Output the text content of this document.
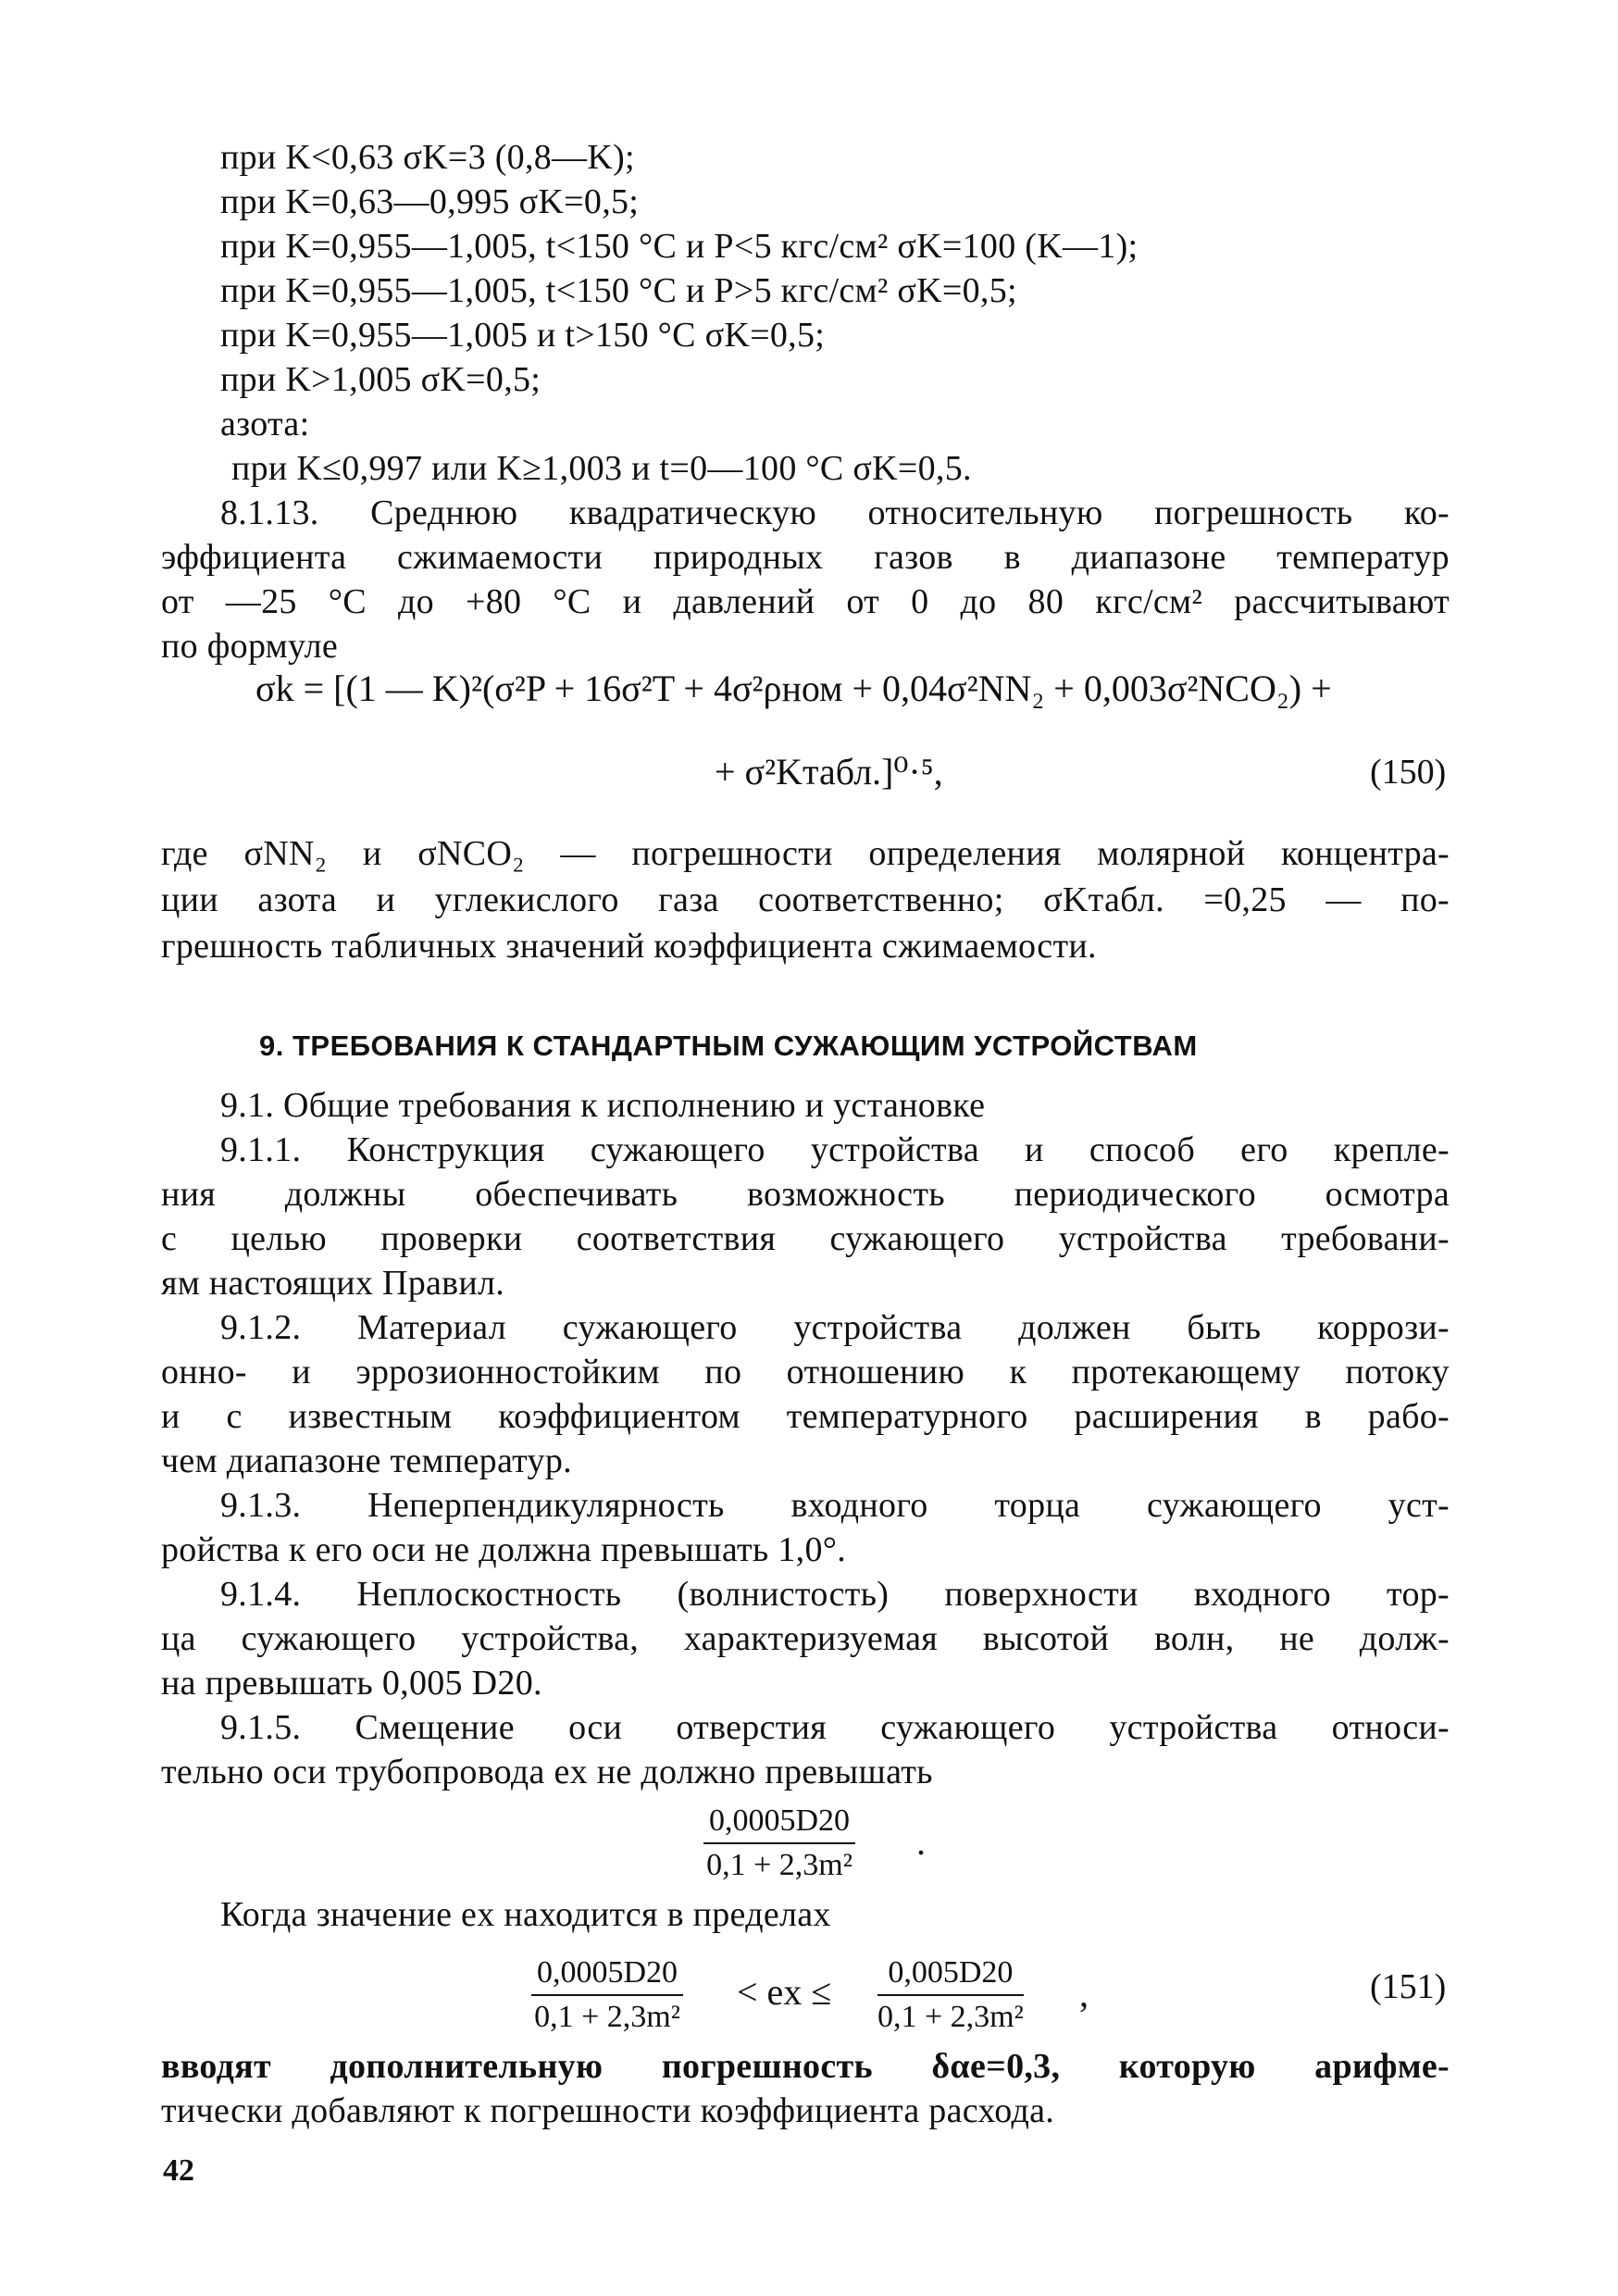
при K<0,63 σK=3 (0,8—K);
при K=0,63—0,995 σK=0,5;
при K=0,955—1,005, t<150 °C и P<5 кгс/см² σK=100 (K—1);
при K=0,955—1,005, t<150 °C и P>5 кгс/см² σK=0,5;
при K=0,955—1,005 и t>150 °C σK=0,5;
при K>1,005 σK=0,5;
азота:
при K≤0,997 или K≥1,003 и t=0—100 °C σK=0,5.
8.1.13. Среднюю квадратическую относительную погрешность ко-
эффициента сжимаемости природных газов в диапазоне температур
от —25 °C до +80 °C и давлений от 0 до 80 кгс/см² рассчитывают
по формуле
σk = [(1 — K)²(σ²P + 16σ²T + 4σ²ρном + 0,04σ²NN₂ + 0,003σ²NCO₂) +
+ σ²Kтабл.]⁰·⁵,	(150)
где σNN₂ и σNCO₂ — погрешности определения молярной концентра-
ции азота и углекислого газа соответственно; σKтабл. =0,25 — по-
грешность табличных значений коэффициента сжимаемости.
9. ТРЕБОВАНИЯ К СТАНДАРТНЫМ СУЖАЮЩИМ УСТРОЙСТВАМ
9.1. Общие требования к исполнению и установке
9.1.1. Конструкция сужающего устройства и способ его крепле-
ния должны обеспечивать возможность периодического осмотра
с целью проверки соответствия сужающего устройства требовани-
ям настоящих Правил.
9.1.2. Материал сужающего устройства должен быть коррози-
онно- и эррозионностойким по отношению к протекающему потоку
и с известным коэффициентом температурного расширения в рабо-
чем диапазоне температур.
9.1.3. Неперпендикулярность входного торца сужающего уст-
ройства к его оси не должна превышать 1,0°.
9.1.4. Неплоскостность (волнистость) поверхности входного тор-
ца сужающего устройства, характеризуемая высотой волн, не долж-
на превышать 0,005 D20.
9.1.5. Смещение оси отверстия сужающего устройства относи-
тельно оси трубопровода ex не должно превышать
$\frac{0,0005D20}{\text{0,1 + 2,3m²}}$ .
Когда значение ex находится в пределах
$\frac{0,0005D20}{\text{0,1 + 2,3m²}}$ < ex ≤ $\frac{0,005D20}{\text{0,1 + 2,3m²}}$ ,	(151)
вводят дополнительную погрешность δαe=0,3, которую арифме-
тически добавляют к погрешности коэффициента расхода.
42
